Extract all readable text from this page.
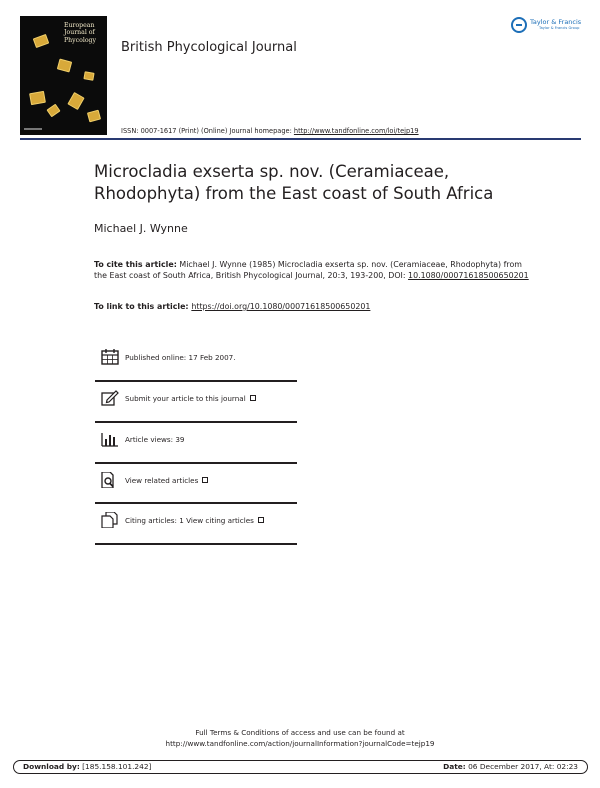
European
Journal of
Phycology	British Phycological Journal
ISSN: 0007-1617 (Print) (Online) Journal homepage: http://www.tandfonline.com/loi/tejp19
Taylor & Francis
Taylor & Francis Group
Microcladia exserta sp. nov. (Ceramiaceae,
Rhodophyta) from the East coast of South Africa
Michael J. Wynne
To cite this article: Michael J. Wynne (1985) Microcladia exserta sp. nov. (Ceramiaceae, Rhodophyta) from the East coast of South Africa, British Phycological Journal, 20:3, 193-200, DOI: 10.1080/00071618500650201
To link to this article: https://doi.org/10.1080/00071618500650201
Published online: 17 Feb 2007.
Submit your article to this journal
Article views: 39
View related articles
Citing articles: 1 View citing articles
Full Terms & Conditions of access and use can be found at
http://www.tandfonline.com/action/journalInformation?journalCode=tejp19
Download by: [185.158.101.242]	Date: 06 December 2017, At: 02:23
